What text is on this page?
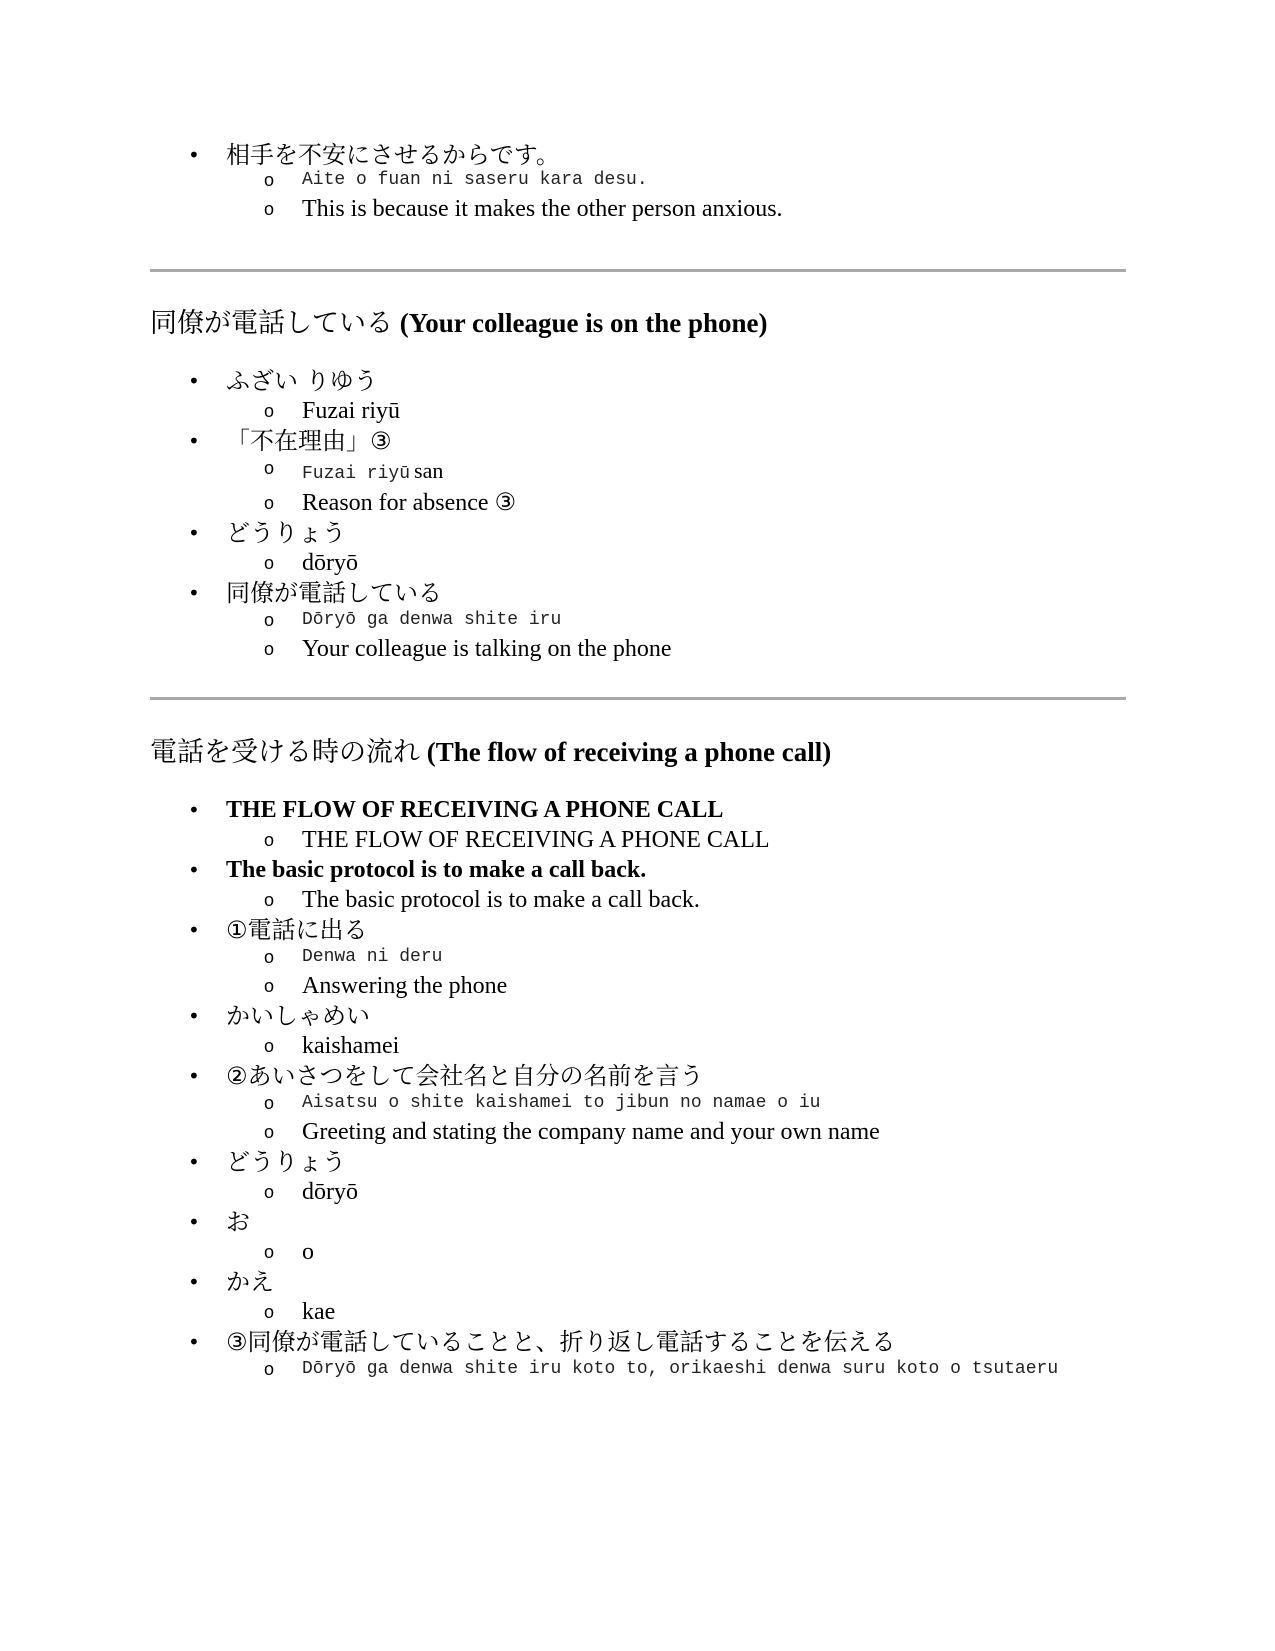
• 相手を不安にさせるからです。
o Aite o fuan ni saseru kara desu.
o This is because it makes the other person anxious.
同僚が電話している (Your colleague is on the phone)
• ふざい りゆう
o Fuzai riyū
• 「不在理由」③
o Fuzai riyū san
o Reason for absence ③
• どうりょう
o dōryō
• 同僚が電話している
o Dōryō ga denwa shite iru
o Your colleague is talking on the phone
電話を受ける時の流れ (The flow of receiving a phone call)
• THE FLOW OF RECEIVING A PHONE CALL
o THE FLOW OF RECEIVING A PHONE CALL
• The basic protocol is to make a call back.
o The basic protocol is to make a call back.
• ①電話に出る
o Denwa ni deru
o Answering the phone
• かいしゃめい
o kaishamei
• ②あいさつをして会社名と自分の名前を言う
o Aisatsu o shite kaishamei to jibun no namae o iu
o Greeting and stating the company name and your own name
• どうりょう
o dōryō
• お
o o
• かえ
o kae
• ③同僚が電話していることと、折り返し電話することを伝える
o Dōryō ga denwa shite iru koto to, orikaeshi denwa suru koto o tsutaeru
